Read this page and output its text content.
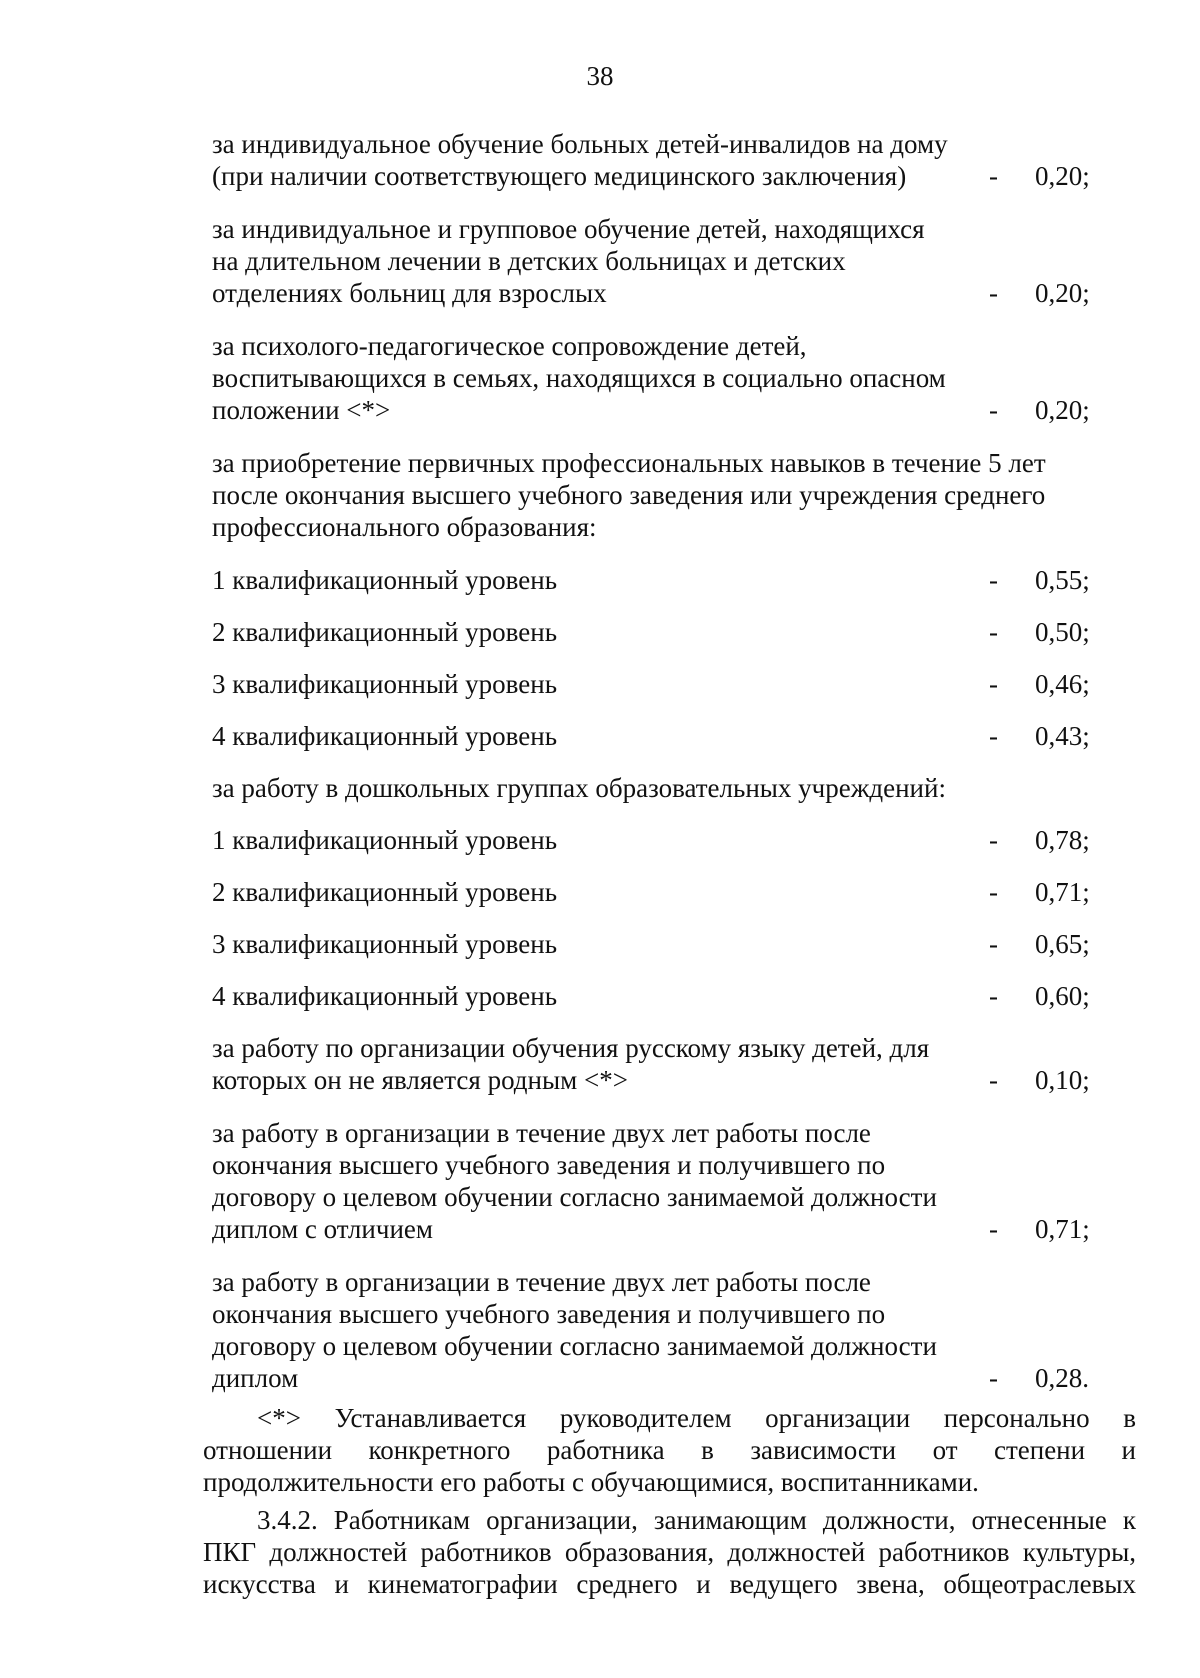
38
за индивидуальное обучение больных детей-инвалидов на дому
(при наличии соответствующего медицинского заключения)	- 0,20;
за индивидуальное и групповое обучение детей, находящихся
на длительном лечении в детских больницах и детских
отделениях больниц для взрослых	- 0,20;
за психолого-педагогическое сопровождение детей,
воспитывающихся в семьях, находящихся в социально опасном
положении <*>	- 0,20;
за приобретение первичных профессиональных навыков в течение 5 лет
после окончания высшего учебного заведения или учреждения среднего
профессионального образования:
1 квалификационный уровень	- 0,55;
2 квалификационный уровень	- 0,50;
3 квалификационный уровень	- 0,46;
4 квалификационный уровень	- 0,43;
за работу в дошкольных группах образовательных учреждений:
1 квалификационный уровень	- 0,78;
2 квалификационный уровень	- 0,71;
3 квалификационный уровень	- 0,65;
4 квалификационный уровень	- 0,60;
за работу по организации обучения русскому языку детей, для
которых он не является родным <*>	- 0,10;
за работу в организации в течение двух лет работы после
окончания высшего учебного заведения и получившего по
договору о целевом обучении согласно занимаемой должности
диплом с отличием	- 0,71;
за работу в организации в течение двух лет работы после
окончания высшего учебного заведения и получившего по
договору о целевом обучении согласно занимаемой должности
диплом	- 0,28.

<*> Устанавливается руководителем организации персонально в отношении конкретного работника в зависимости от степени и продолжительности его работы с обучающимися, воспитанниками.

3.4.2. Работникам организации, занимающим должности, отнесенные к ПКГ должностей работников образования, должностей работников культуры, искусства и кинематографии среднего и ведущего звена, общеотраслевых
